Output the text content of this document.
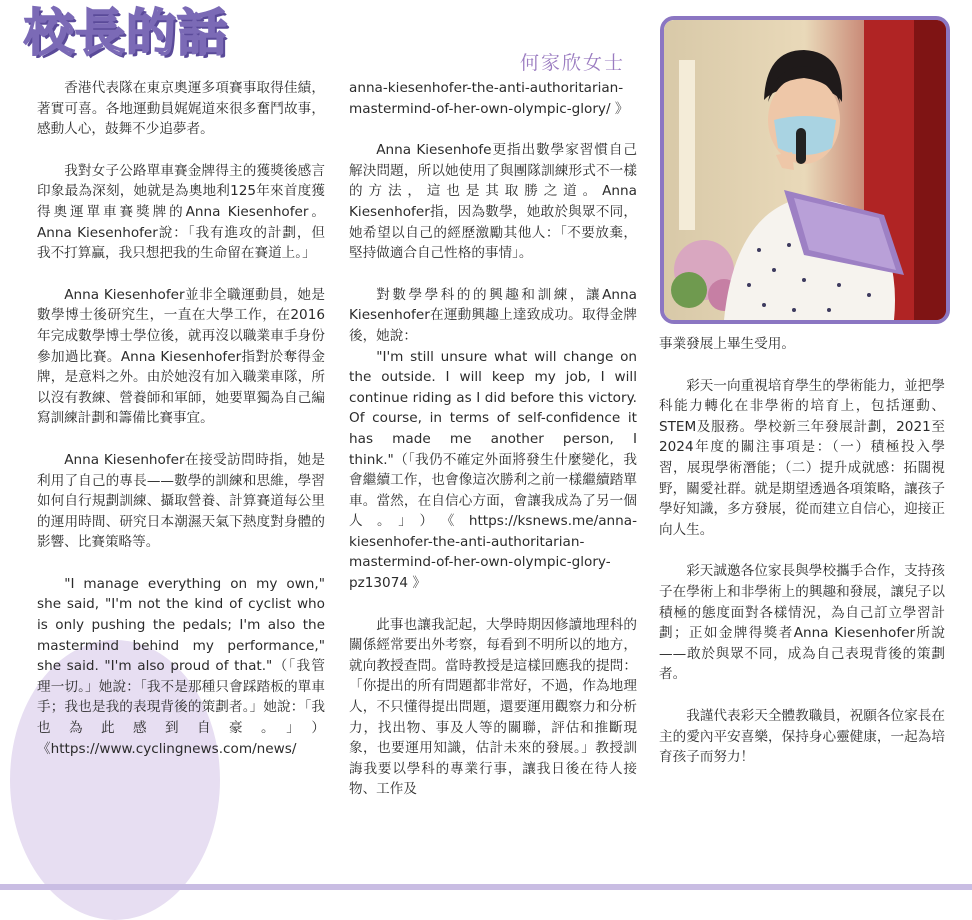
校長的話
何家欣女士

香港代表隊在東京奧運多項賽事取得佳績，著實可喜。各地運動員娓娓道來很多奮鬥故事，感動人心，鼓舞不少追夢者。

我對女子公路單車賽金牌得主的獲獎後感言印象最為深刻，她就是為奧地利125年來首度獲得奧運單車賽獎牌的Anna Kiesenhofer。Anna Kiesenhofer說：「我有進攻的計劃，但我不打算贏，我只想把我的生命留在賽道上。」

Anna Kiesenhofer並非全職運動員，她是數學博士後研究生，一直在大學工作，在2016年完成數學博士學位後，就再沒以職業車手身份參加過比賽。Anna Kiesenhofer指對於奪得金牌，是意料之外。由於她沒有加入職業車隊，所以沒有教練、營養師和軍師，她要單獨為自己編寫訓練計劃和籌備比賽事宜。

Anna Kiesenhofer在接受訪問時指，她是利用了自己的專長——數學的訓練和思維，學習如何自行規劃訓練、攝取營養、計算賽道每公里的運用時間、研究日本潮濕天氣下熱度對身體的影響、比賽策略等。

"I manage everything on my own," she said, "I'm not the kind of cyclist who is only pushing the pedals; I'm also the mastermind behind my performance," she said. "I'm also proud of that."（「我管理一切。」她說：「我不是那種只會踩踏板的單車手；我也是我的表現背後的策劃者。」她說：「我也為此感到自豪。」）《https://www.cyclingnews.com/news/

anna-kiesenhofer-the-anti-authoritarian-mastermind-of-her-own-olympic-glory/ 》

Anna Kiesenhofe更指出數學家習慣自己解決問題，所以她使用了與團隊訓練形式不一樣的方法，這也是其取勝之道。Anna Kiesenhofer指，因為數學，她敢於與眾不同，她希望以自己的經歷激勵其他人：「不要放棄，堅持做適合自己性格的事情」。

對數學學科的的興趣和訓練，讓Anna Kiesenhofer在運動興趣上達致成功。取得金牌後，她說：

"I'm still unsure what will change on the outside. I will keep my job, I will continue riding as I did before this victory. Of course, in terms of self-confidence it has made me another person, I think."（「我仍不確定外面將發生什麼變化，我會繼續工作，也會像這次勝利之前一樣繼續踏單車。當然，在自信心方面，會讓我成為了另一個人。」）《https://ksnews.me/anna-kiesenhofer-the-anti-authoritarian-mastermind-of-her-own-olympic-glory-pz13074 》

此事也讓我記起，大學時期因修讀地理科的關係經常要出外考察，每看到不明所以的地方，就向教授查問。當時教授是這樣回應我的提問：「你提出的所有問題都非常好，不過，作為地理人，不只懂得提出問題，還要運用觀察力和分析力，找出物、事及人等的關聯，評估和推斷現象，也要運用知識，估計未來的發展。」教授訓誨我要以學科的專業行事，讓我日後在待人接物、工作及

事業發展上畢生受用。

彩天一向重視培育學生的學術能力，並把學科能力轉化在非學術的培育上，包括運動、STEM及服務。學校新三年發展計劃，2021至2024年度的關注事項是：（一）積極投入學習，展現學術潛能；（二）提升成就感：拓闊視野，關愛社群。就是期望透過各項策略，讓孩子學好知識，多方發展，從而建立自信心，迎接正向人生。

彩天誠邀各位家長與學校攜手合作，支持孩子在學術上和非學術上的興趣和發展，讓兒子以積極的態度面對各樣情況，為自己訂立學習計劃；正如金牌得獎者Anna Kiesenhofer所說——敢於與眾不同，成為自己表現背後的策劃者。

我謹代表彩天全體教職員，祝願各位家長在主的愛內平安喜樂，保持身心靈健康，一起為培育孩子而努力！
